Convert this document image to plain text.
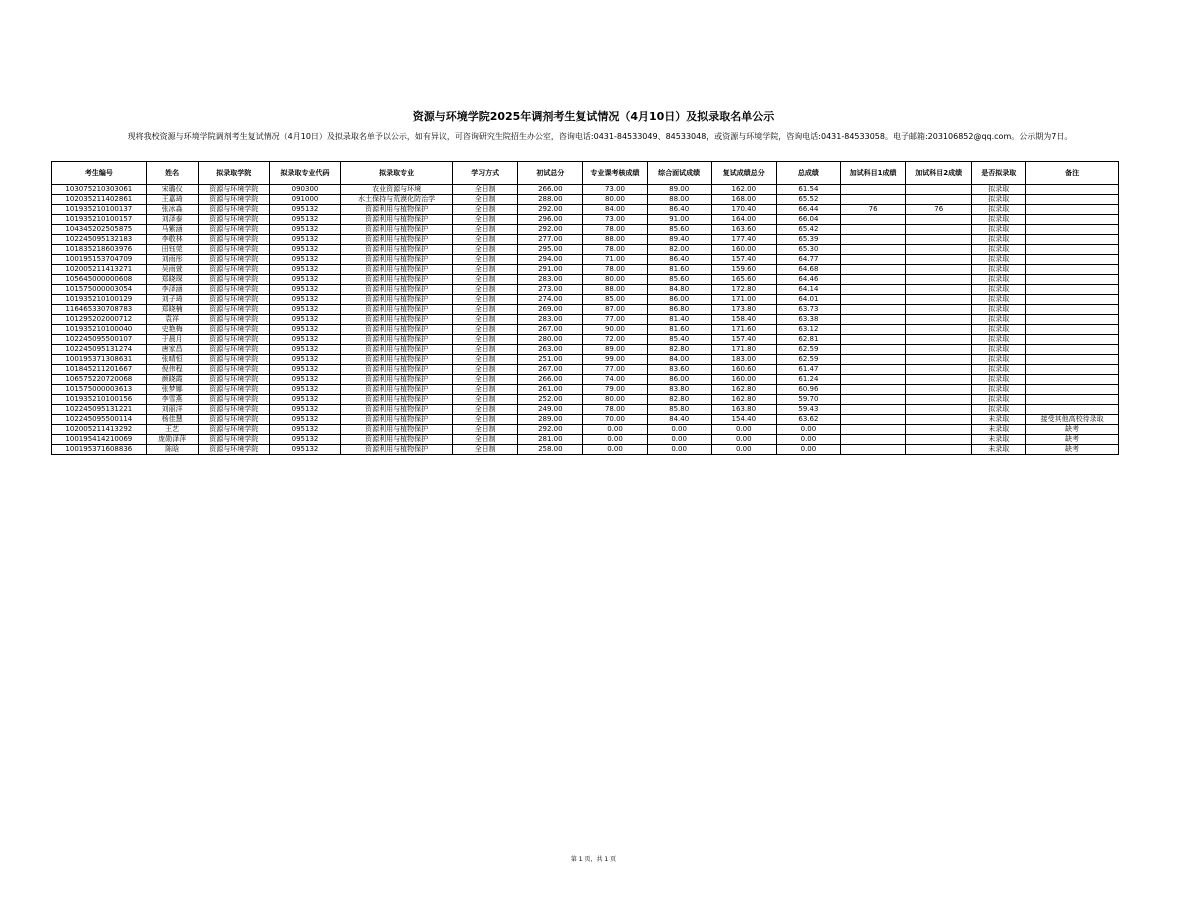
资源与环境学院2025年调剂考生复试情况（4月10日）及拟录取名单公示
现将我校资源与环境学院调剂考生复试情况（4月10日）及拟录取名单予以公示，如有异议，可咨询研究生院招生办公室，咨询电话:0431-84533049、84533048，或资源与环境学院，咨询电话:0431-84533058。电子邮箱:203106852@qq.com。公示期为7日。
考生编号	姓名	拟录取学院	拟录取专业代码	拟录取专业	学习方式	初试总分	专业课考核成绩	综合面试成绩	复试成绩总分	总成绩	加试科目1成绩	加试科目2成绩	是否拟录取	备注
103075210303061	宋璐仪	资源与环境学院	090300	农业资源与环境	全日制	266.00	73.00	89.00	162.00	61.54			拟录取	
102035211402861	王嘉琦	资源与环境学院	091000	水土保持与荒漠化防治学	全日制	288.00	80.00	88.00	168.00	65.52			拟录取	
101935210100137	张冰淼	资源与环境学院	095132	资源利用与植物保护	全日制	292.00	84.00	86.40	170.40	66.44	76	76	拟录取	
101935210100157	刘泽泰	资源与环境学院	095132	资源利用与植物保护	全日制	296.00	73.00	91.00	164.00	66.04			拟录取	
104345202505875	马紫涵	资源与环境学院	095132	资源利用与植物保护	全日制	292.00	78.00	85.60	163.60	65.42			拟录取	
102245095132183	李敬林	资源与环境学院	095132	资源利用与植物保护	全日制	277.00	88.00	89.40	177.40	65.39			拟录取	
101835218603976	田钰莞	资源与环境学院	095132	资源利用与植物保护	全日制	295.00	78.00	82.00	160.00	65.30			拟录取	
100195153704709	刘雨彤	资源与环境学院	095132	资源利用与植物保护	全日制	294.00	71.00	86.40	157.40	64.77			拟录取	
102005211413271	吴雨萱	资源与环境学院	095132	资源利用与植物保护	全日制	291.00	78.00	81.60	159.60	64.68			拟录取	
105645000000608	郑晓琛	资源与环境学院	095132	资源利用与植物保护	全日制	283.00	80.00	85.60	165.60	64.46			拟录取	
101575000003054	李泽涵	资源与环境学院	095132	资源利用与植物保护	全日制	273.00	88.00	84.80	172.80	64.14			拟录取	
101935210100129	刘子琦	资源与环境学院	095132	资源利用与植物保护	全日制	274.00	85.00	86.00	171.00	64.01			拟录取	
116465330708783	郑晓楠	资源与环境学院	095132	资源利用与植物保护	全日制	269.00	87.00	86.80	173.80	63.73			拟录取	
101295202000712	袁祥	资源与环境学院	095132	资源利用与植物保护	全日制	283.00	77.00	81.40	158.40	63.38			拟录取	
101935210100040	史艳梅	资源与环境学院	095132	资源利用与植物保护	全日制	267.00	90.00	81.60	171.60	63.12			拟录取	
102245095500107	于晨月	资源与环境学院	095132	资源利用与植物保护	全日制	280.00	72.00	85.40	157.40	62.81			拟录取	
102245095131274	唐家昌	资源与环境学院	095132	资源利用与植物保护	全日制	263.00	89.00	82.80	171.80	62.59			拟录取	
100195371308631	张晴恒	资源与环境学院	095132	资源利用与植物保护	全日制	251.00	99.00	84.00	183.00	62.59			拟录取	
101845211201667	倪伟程	资源与环境学院	095132	资源利用与植物保护	全日制	267.00	77.00	83.60	160.60	61.47			拟录取	
106575220720068	颜晓霞	资源与环境学院	095132	资源利用与植物保护	全日制	266.00	74.00	86.00	160.00	61.24			拟录取	
101575000003613	张梦娜	资源与环境学院	095132	资源利用与植物保护	全日制	261.00	79.00	83.80	162.80	60.96			拟录取	
101935210100156	李雪燕	资源与环境学院	095132	资源利用与植物保护	全日制	252.00	80.00	82.80	162.80	59.70			拟录取	
102245095131221	刘丽洋	资源与环境学院	095132	资源利用与植物保护	全日制	249.00	78.00	85.80	163.80	59.43			拟录取	
102245095500114	杨佳慧	资源与环境学院	095132	资源利用与植物保护	全日制	289.00	70.00	84.40	154.40	63.62			未录取	接受其他高校待录取
102005211413292	王艺	资源与环境学院	095132	资源利用与植物保护	全日制	292.00	0.00	0.00	0.00	0.00			未录取	缺考
100195414210069	庞勋泽萍	资源与环境学院	095132	资源利用与植物保护	全日制	281.00	0.00	0.00	0.00	0.00			未录取	缺考
100195371608836	陈晗	资源与环境学院	095132	资源利用与植物保护	全日制	258.00	0.00	0.00	0.00	0.00			未录取	缺考
第 1 页，共 1 页
